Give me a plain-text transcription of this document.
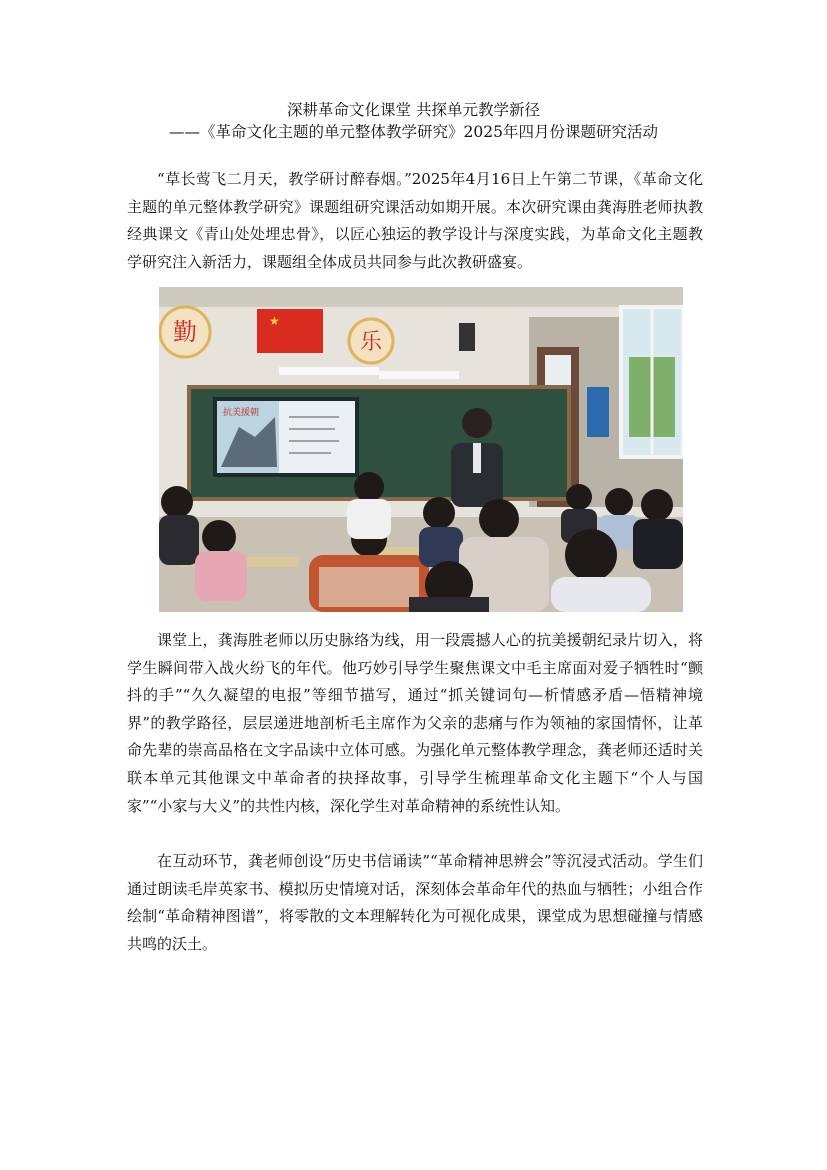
深耕革命文化课堂 共探单元教学新径
——《革命文化主题的单元整体教学研究》2025年四月份课题研究活动

“草长莺飞二月天，教学研讨醉春烟。”2025年4月16日上午第二节课，《革命文化主题的单元整体教学研究》课题组研究课活动如期开展。本次研究课由龚海胜老师执教经典课文《青山处处埋忠骨》，以匠心独运的教学设计与深度实践，为革命文化主题教学研究注入新活力，课题组全体成员共同参与此次教研盛宴。

★
勤	乐
抗美援朝

课堂上，龚海胜老师以历史脉络为线，用一段震撼人心的抗美援朝纪录片切入，将学生瞬间带入战火纷飞的年代。他巧妙引导学生聚焦课文中毛主席面对爱子牺牲时“颤抖的手”“久久凝望的电报”等细节描写，通过“抓关键词句—析情感矛盾—悟精神境界”的教学路径，层层递进地剖析毛主席作为父亲的悲痛与作为领袖的家国情怀，让革命先辈的崇高品格在文字品读中立体可感。为强化单元整体教学理念，龚老师还适时关联本单元其他课文中革命者的抉择故事，引导学生梳理革命文化主题下“个人与国家”“小家与大义”的共性内核，深化学生对革命精神的系统性认知。

在互动环节，龚老师创设“历史书信诵读”“革命精神思辨会”等沉浸式活动。学生们通过朗读毛岸英家书、模拟历史情境对话，深刻体会革命年代的热血与牺牲；小组合作绘制“革命精神图谱”，将零散的文本理解转化为可视化成果，课堂成为思想碰撞与情感共鸣的沃土。
